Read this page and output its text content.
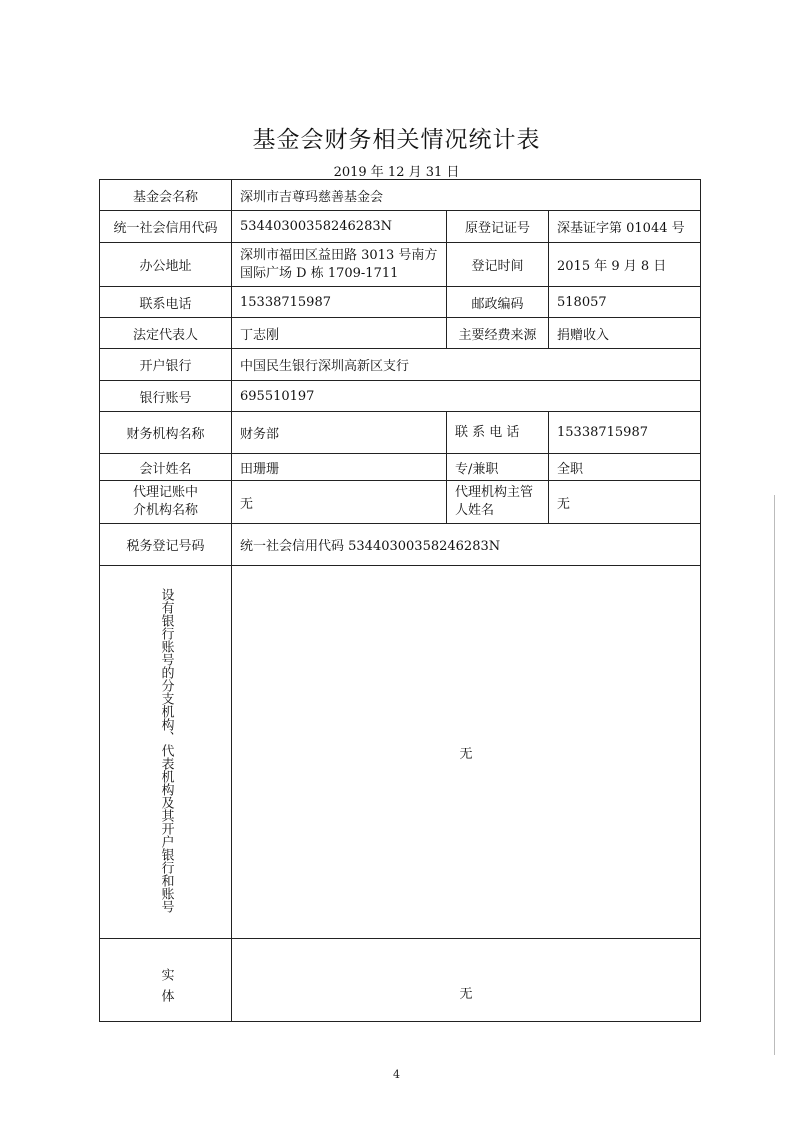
基金会财务相关情况统计表
2019 年 12 月 31 日
基金会名称	深圳市吉尊玛慈善基金会		
统一社会信用代码	53440300358246283N	原登记证号	深基证字第 01044 号
办公地址	深圳市福田区益田路 3013 号南方国际广场 D 栋 1709-1711	登记时间	2015 年 9 月 8 日
联系电话	15338715987	邮政编码	518057
法定代表人	丁志刚	主要经费来源	捐赠收入
开户银行	中国民生银行深圳高新区支行		
银行账号	695510197		
财务机构名称	财务部	联 系 电 话	15338715987
会计姓名	田珊珊	专/兼职	全职
代理记账中介机构名称	无	代理机构主管人姓名	无
税务登记号码	统一社会信用代码 53440300358246283N		
设有银行账号的分支机构、代表机构及其开户银行和账号	无		
实体	无		
4
